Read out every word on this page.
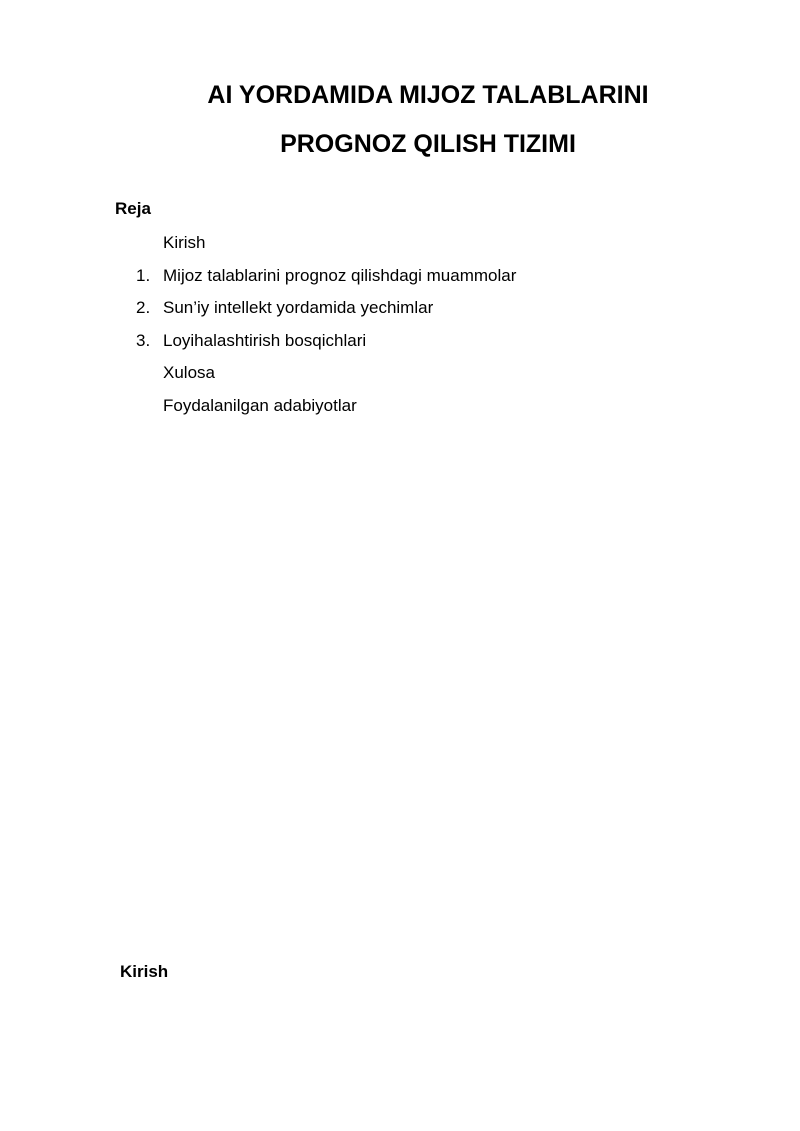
AI YORDAMIDA MIJOZ TALABLARINI
PROGNOZ QILISH TIZIMI
Reja
Kirish
1. Mijoz talablarini prognoz qilishdagi muammolar
2. Sun’iy intellekt yordamida yechimlar
3. Loyihalashtirish bosqichlari
Xulosa
Foydalanilgan adabiyotlar
Kirish
